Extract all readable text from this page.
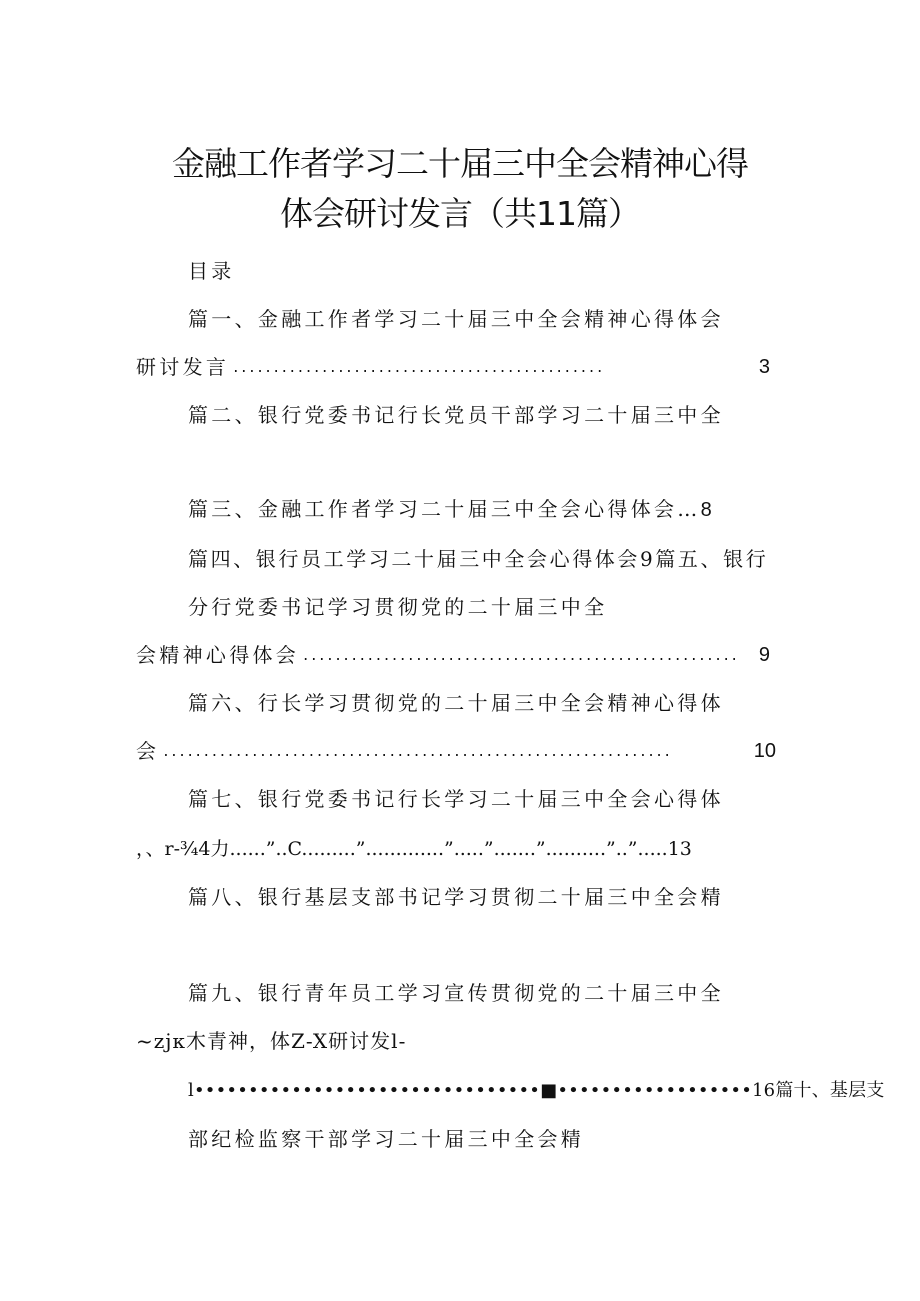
金融工作者学习二十届三中全会精神心得
体会研讨发言（共11篇）
目录
篇一、金融工作者学习二十届三中全会精神心得体会
研讨发言 ..............................................	3
篇二、银行党委书记行长党员干部学习二十届三中全
篇三、金融工作者学习二十届三中全会心得体会…8
篇四、银行员工学习二十届三中全会心得体会9篇五、银行
分行党委书记学习贯彻党的二十届三中全
会精神心得体会 ...................................................... 9
篇六、行长学习贯彻党的二十届三中全会精神心得体
会 ...............................................................	10
篇七、银行党委书记行长学习二十届三中全会心得体
，、r-¾4力......”..C.........”.............”.....”.......”..........”..”.....13
篇八、银行基层支部书记学习贯彻二十届三中全会精
篇九、银行青年员工学习宣传贯彻党的二十届三中全
~zjκ木青神，体Z-X研讨发l-
l••••••••••••••••••••••••••••••••■••••••••••••••••••16篇十、基层支
部纪检监察干部学习二十届三中全会精
